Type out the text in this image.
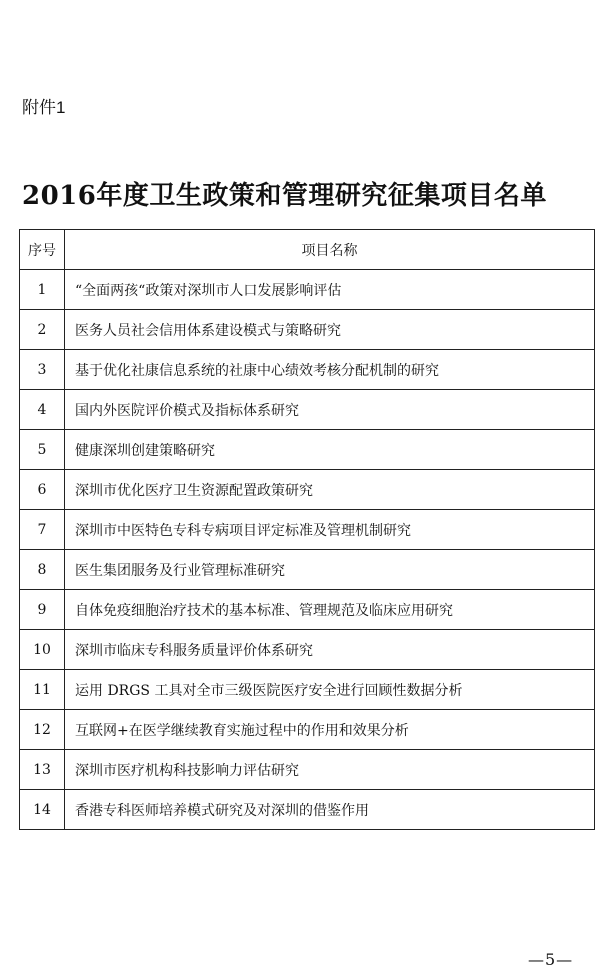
附件1
2016年度卫生政策和管理研究征集项目名单
序号	项目名称
1	“全面两孩“政策对深圳市人口发展影响评估
2	医务人员社会信用体系建设模式与策略研究
3	基于优化社康信息系统的社康中心绩效考核分配机制的研究
4	国内外医院评价模式及指标体系研究
5	健康深圳创建策略研究
6	深圳市优化医疗卫生资源配置政策研究
7	深圳市中医特色专科专病项目评定标准及管理机制研究
8	医生集团服务及行业管理标准研究
9	自体免疫细胞治疗技术的基本标准、管理规范及临床应用研究
10	深圳市临床专科服务质量评价体系研究
11	运用 DRGS 工具对全市三级医院医疗安全进行回顾性数据分析
12	互联网+在医学继续教育实施过程中的作用和效果分析
13	深圳市医疗机构科技影响力评估研究
14	香港专科医师培养模式研究及对深圳的借鉴作用
—5—
